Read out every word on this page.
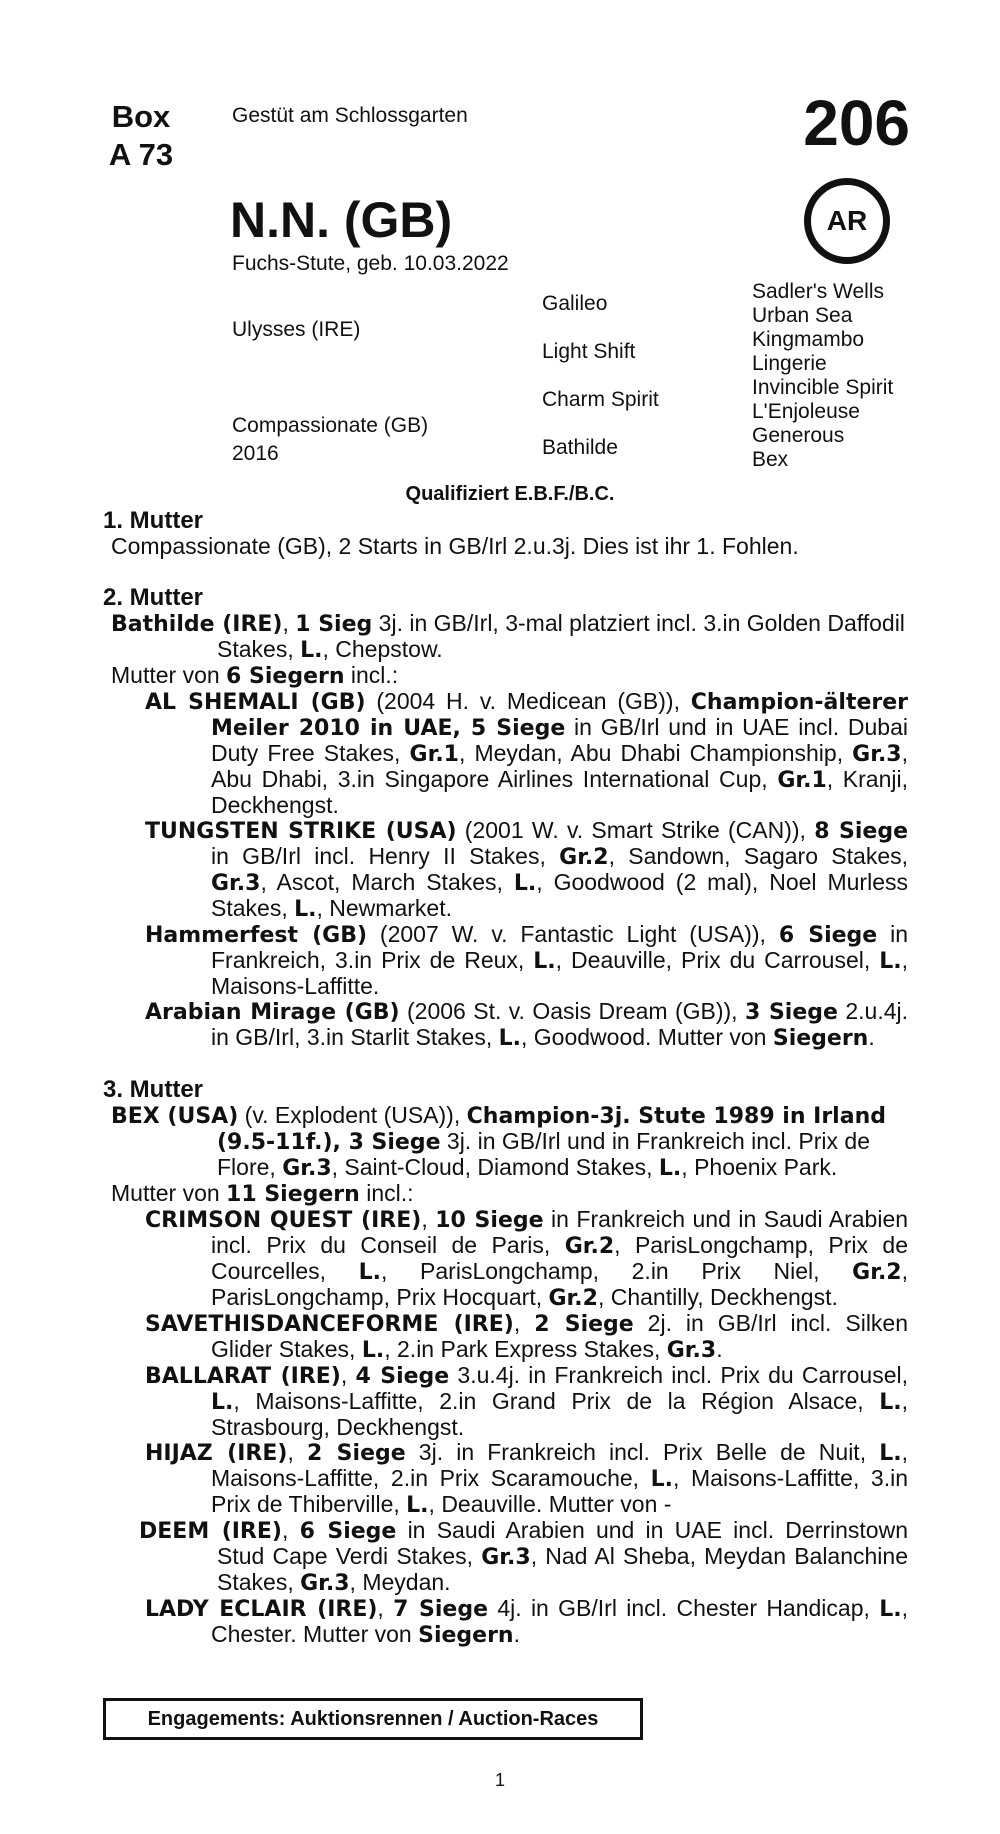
Box
A 73
Gestüt am Schlossgarten	206
AR
N.N. (GB)
Fuchs-Stute, geb. 10.03.2022
Ulysses (IRE)
Compassionate (GB)
2016
Galileo
Light Shift
Charm Spirit
Bathilde
Sadler's Wells
Urban Sea
Kingmambo
Lingerie
Invincible Spirit
L'Enjoleuse
Generous
Bex
Qualifiziert E.B.F./B.C.

1. Mutter

Compassionate (GB), 2 Starts in GB/Irl 2.u.3j. Dies ist ihr 1. Fohlen.

2. Mutter

Bathilde (IRE), 1 Sieg 3j. in GB/Irl, 3-mal platziert incl. 3.in Golden Daffodil Stakes, L., Chepstow.

Mutter von 6 Siegern incl.:

AL SHEMALI (GB) (2004 H. v. Medicean (GB)), Champion-älterer Meiler 2010 in UAE, 5 Siege in GB/Irl und in UAE incl. Dubai Duty Free Stakes, Gr.1, Meydan, Abu Dhabi Championship, Gr.3, Abu Dhabi, 3.in Singapore Airlines International Cup, Gr.1, Kranji, Deckhengst.

TUNGSTEN STRIKE (USA) (2001 W. v. Smart Strike (CAN)), 8 Siege in GB/Irl incl. Henry II Stakes, Gr.2, Sandown, Sagaro Stakes, Gr.3, Ascot, March Stakes, L., Goodwood (2 mal), Noel Murless Stakes, L., Newmarket.

Hammerfest (GB) (2007 W. v. Fantastic Light (USA)), 6 Siege in Frankreich, 3.in Prix de Reux, L., Deauville, Prix du Carrousel, L., Maisons-Laffitte.

Arabian Mirage (GB) (2006 St. v. Oasis Dream (GB)), 3 Siege 2.u.4j. in GB/Irl, 3.in Starlit Stakes, L., Goodwood. Mutter von Siegern.

3. Mutter

BEX (USA) (v. Explodent (USA)), Champion-3j. Stute 1989 in Irland (9.5-11f.), 3 Siege 3j. in GB/Irl und in Frankreich incl. Prix de Flore, Gr.3, Saint-Cloud, Diamond Stakes, L., Phoenix Park.

Mutter von 11 Siegern incl.:

CRIMSON QUEST (IRE), 10 Siege in Frankreich und in Saudi Arabien incl. Prix du Conseil de Paris, Gr.2, ParisLongchamp, Prix de Courcelles, L., ParisLongchamp, 2.in Prix Niel, Gr.2, ParisLongchamp, Prix Hocquart, Gr.2, Chantilly, Deckhengst.

SAVETHISDANCEFORME (IRE), 2 Siege 2j. in GB/Irl incl. Silken Glider Stakes, L., 2.in Park Express Stakes, Gr.3.

BALLARAT (IRE), 4 Siege 3.u.4j. in Frankreich incl. Prix du Carrousel, L., Maisons-Laffitte, 2.in Grand Prix de la Région Alsace, L., Strasbourg, Deckhengst.

HIJAZ (IRE), 2 Siege 3j. in Frankreich incl. Prix Belle de Nuit, L., Maisons-Laffitte, 2.in Prix Scaramouche, L., Maisons-Laffitte, 3.in Prix de Thiberville, L., Deauville. Mutter von -

DEEM (IRE), 6 Siege in Saudi Arabien und in UAE incl. Derrinstown Stud Cape Verdi Stakes, Gr.3, Nad Al Sheba, Meydan Balanchine Stakes, Gr.3, Meydan.

LADY ECLAIR (IRE), 7 Siege 4j. in GB/Irl incl. Chester Handicap, L., Chester. Mutter von Siegern.

Engagements: Auktionsrennen / Auction-Races
1
